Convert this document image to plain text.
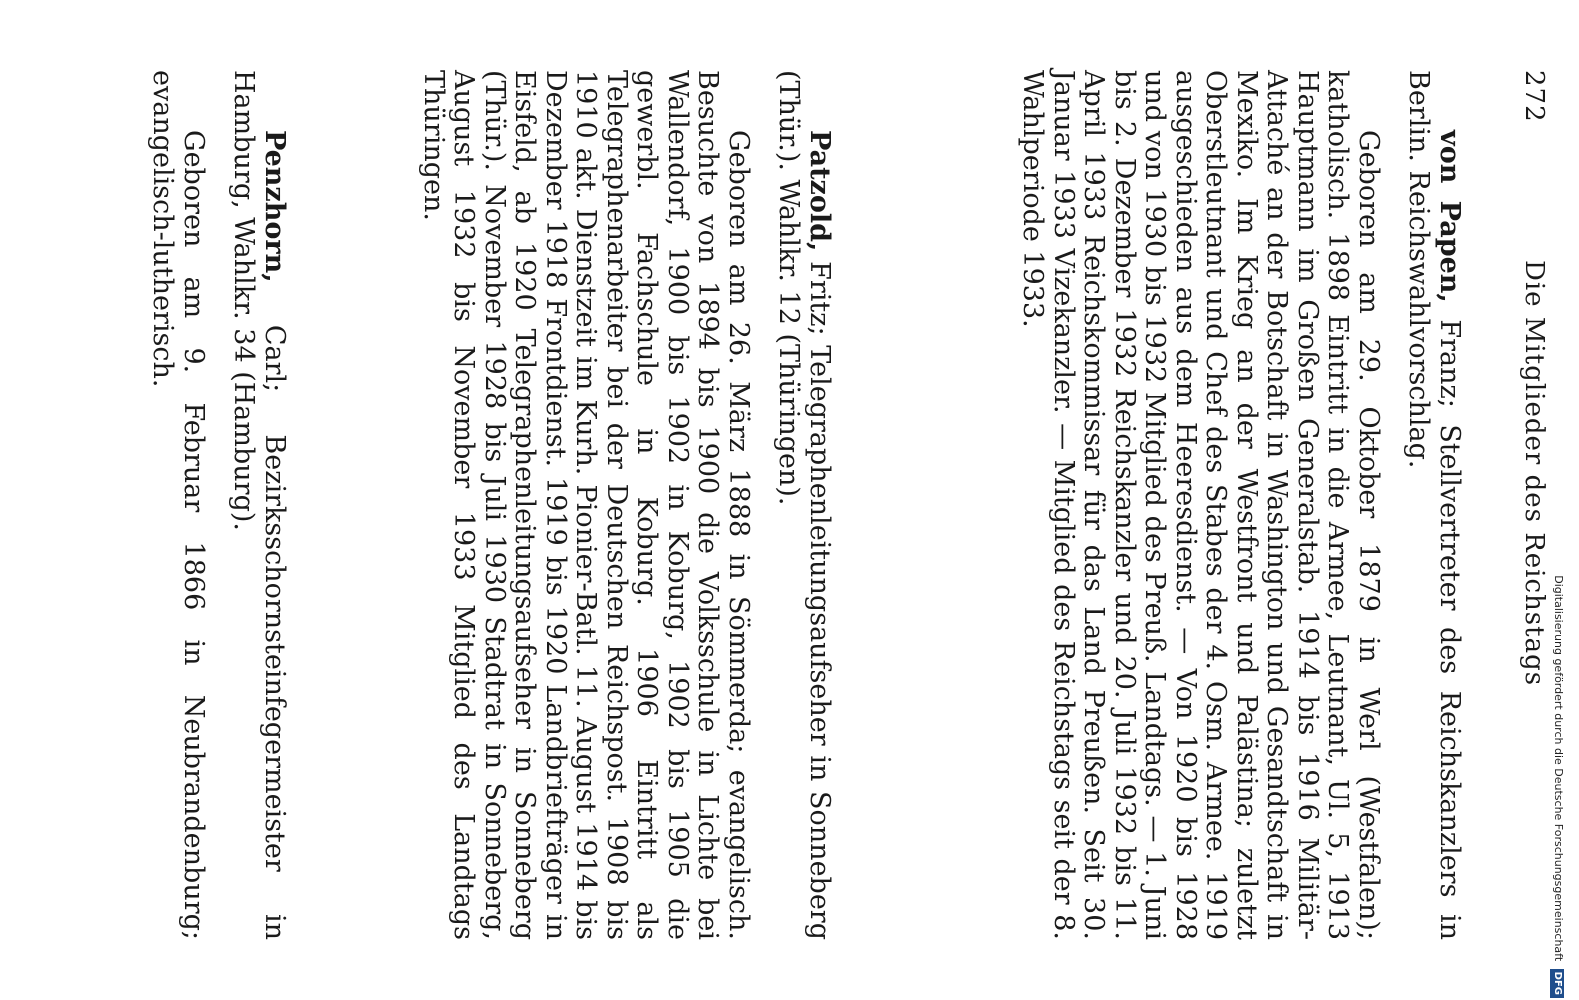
272
Die Mitglieder des Reichstags

von Papen, Franz; Stellvertreter des Reichskanzlers in Berlin. Reichswahlvorschlag.

Geboren am 29. Oktober 1879 in Werl (Westfalen); katholisch. 1898 Eintritt in die Armee, Leutnant, Ul. 5, 1913 Hauptmann im Großen Generalstab. 1914 bis 1916 Militär-Attaché an der Botschaft in Washington und Gesandtschaft in Mexiko. Im Krieg an der Westfront und Palästina; zuletzt Oberstleutnant und Chef des Stabes der 4. Osm. Armee. 1919 ausgeschieden aus dem Heeresdienst. — Von 1920 bis 1928 und von 1930 bis 1932 Mitglied des Preuß. Landtags. — 1. Juni bis 2. Dezember 1932 Reichskanzler und 20. Juli 1932 bis 11. April 1933 Reichskommissar für das Land Preußen. Seit 30. Januar 1933 Vizekanzler. — Mitglied des Reichstags seit der 8. Wahlperiode 1933.

Patzold, Fritz; Telegraphenleitungsaufseher in Sonneberg (Thür.). Wahlkr. 12 (Thüringen).

Geboren am 26. März 1888 in Sömmerda; evangelisch. Besuchte von 1894 bis 1900 die Volksschule in Lichte bei Wallendorf, 1900 bis 1902 in Koburg, 1902 bis 1905 die gewerbl. Fachschule in Koburg. 1906 Eintritt als Telegraphenarbeiter bei der Deutschen Reichspost. 1908 bis 1910 akt. Dienstzeit im Kurh. Pionier-Batl. 11. August 1914 bis Dezember 1918 Frontdienst. 1919 bis 1920 Landbriefträger in Eisfeld, ab 1920 Telegraphenleitungsaufseher in Sonneberg (Thür.). November 1928 bis Juli 1930 Stadtrat in Sonneberg, August 1932 bis November 1933 Mitglied des Landtags Thüringen.

Penzhorn, Carl; Bezirksschornsteinfegermeister in Hamburg, Wahlkr. 34 (Hamburg).

Geboren am 9. Februar 1866 in Neubrandenburg; evangelisch-lutherisch.

Digitalisierung gefördert durch die Deutsche Forschungsgemeinschaft DFG
